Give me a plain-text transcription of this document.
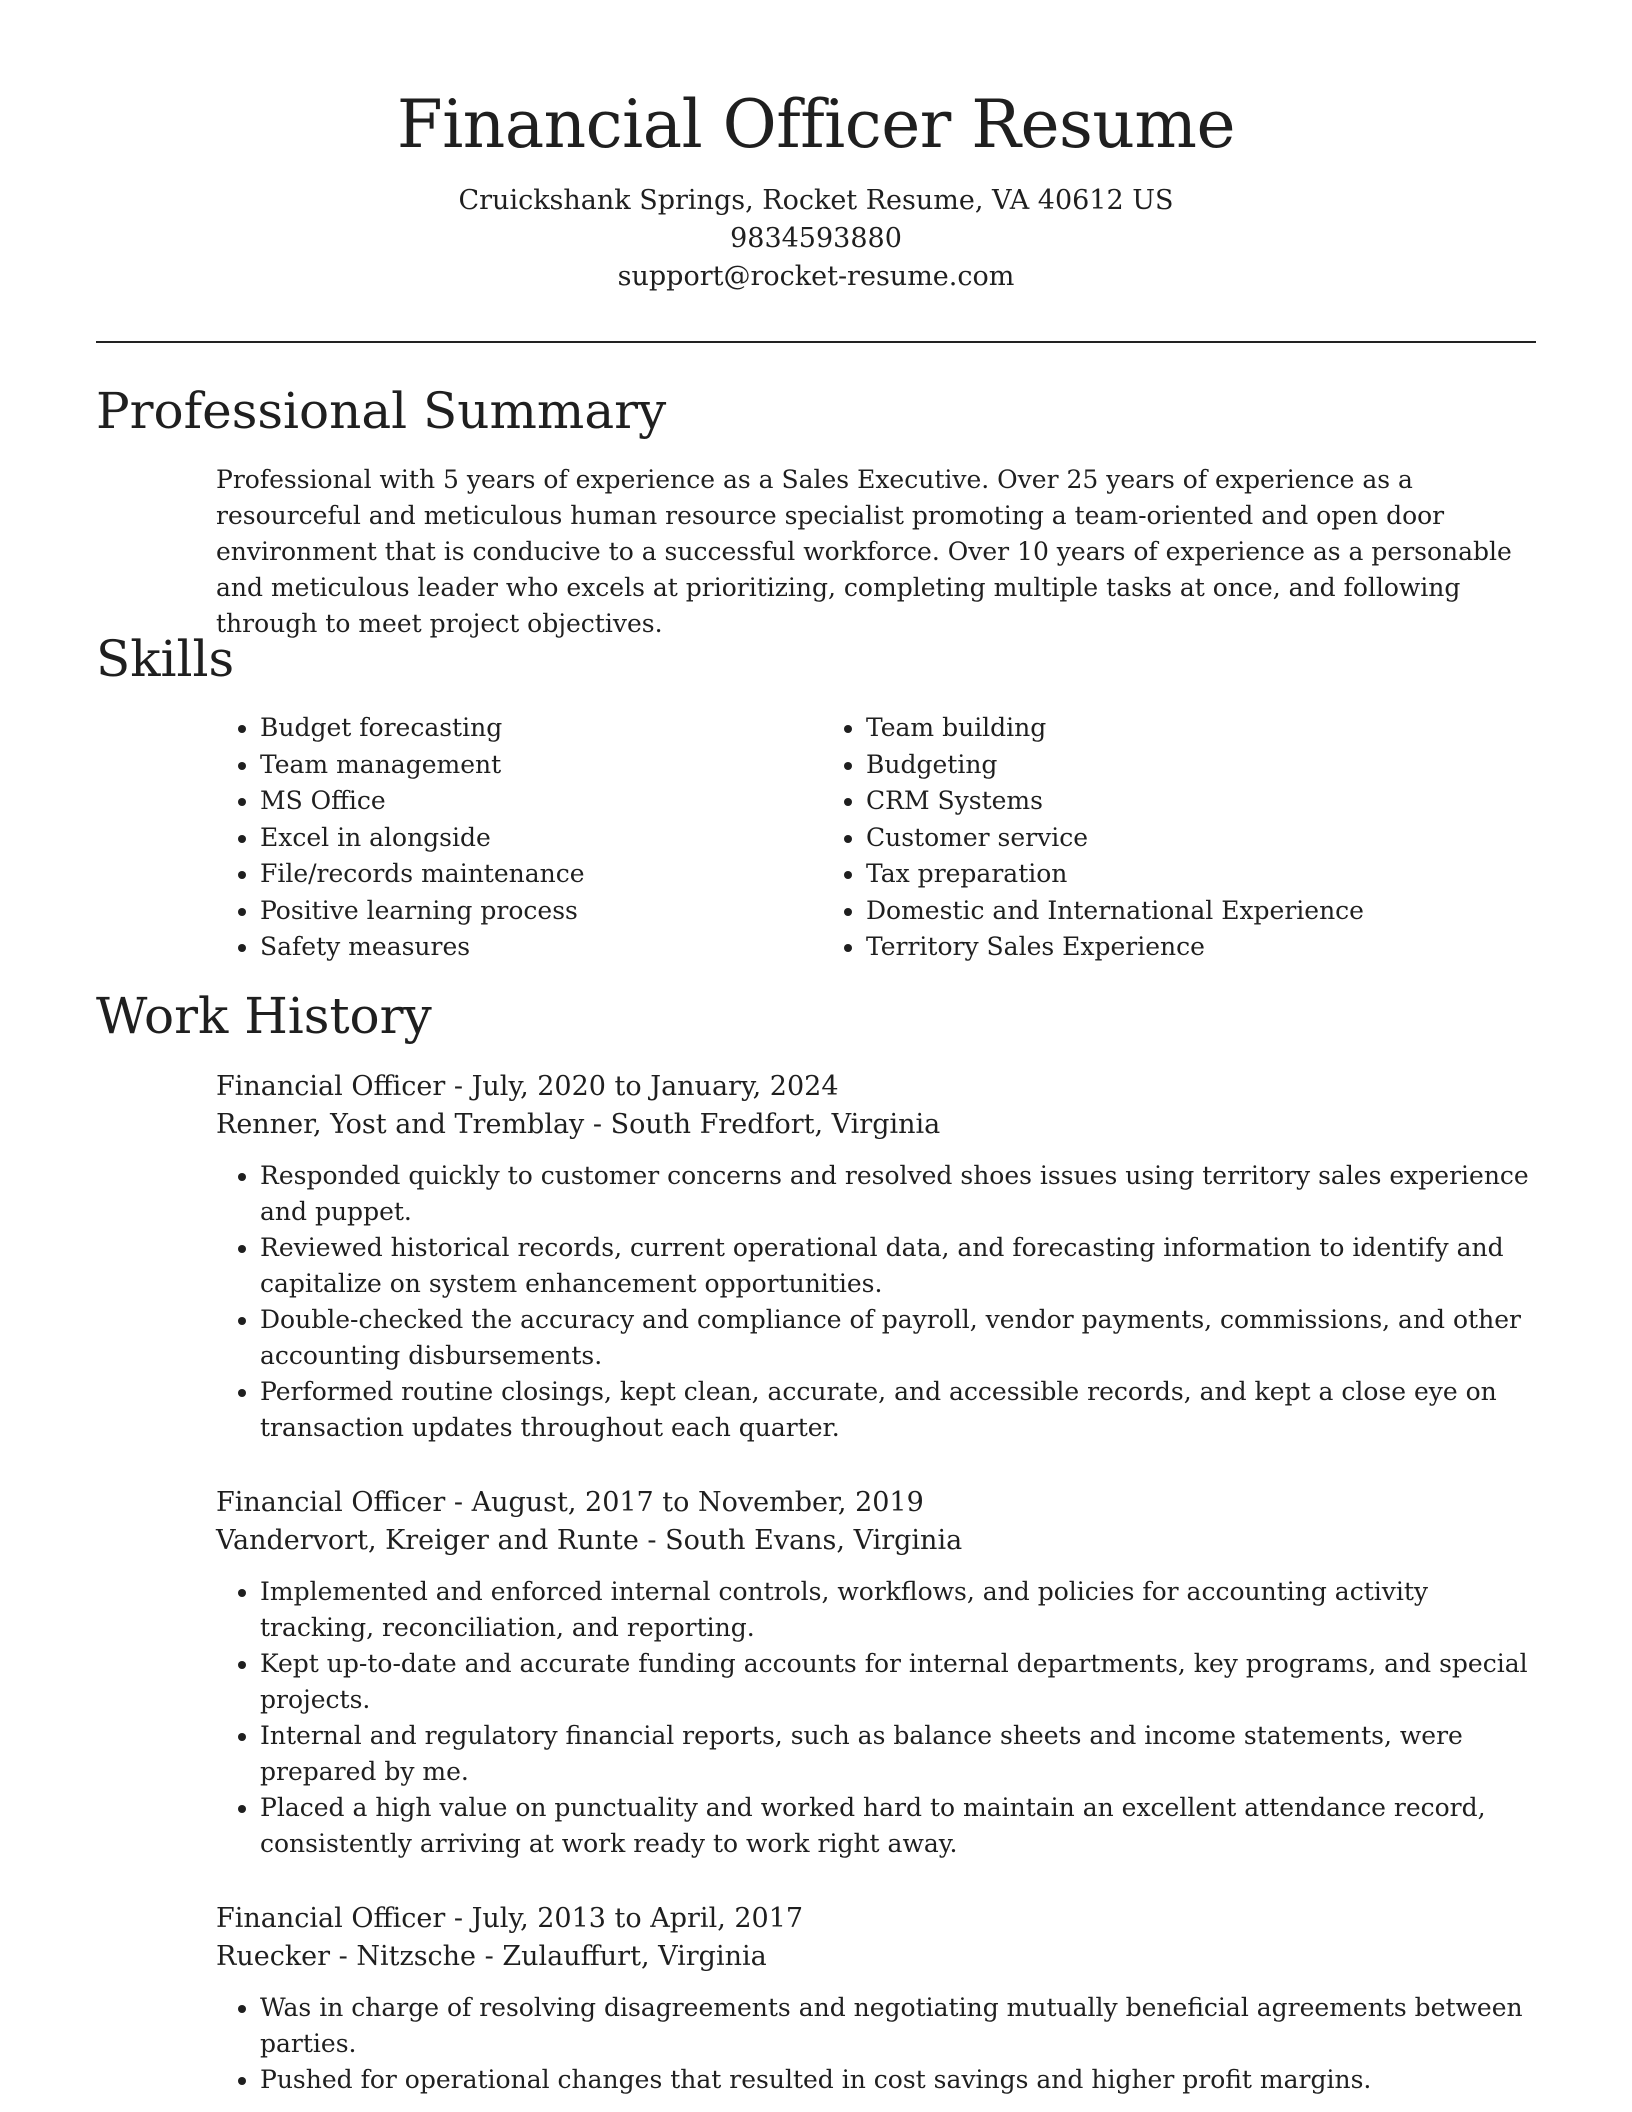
Financial Officer Resume
Cruickshank Springs, Rocket Resume, VA 40612 US
9834593880
support@rocket-resume.com
Professional Summary
Professional with 5 years of experience as a Sales Executive. Over 25 years of experience as a resourceful and meticulous human resource specialist promoting a team-oriented and open door environment that is conducive to a successful workforce. Over 10 years of experience as a personable and meticulous leader who excels at prioritizing, completing multiple tasks at once, and following through to meet project objectives.
Skills
• Budget forecasting
• Team management
• MS Office
• Excel in alongside
• File/records maintenance
• Positive learning process
• Safety measures
• Team building
• Budgeting
• CRM Systems
• Customer service
• Tax preparation
• Domestic and International Experience
• Territory Sales Experience
Work History
Financial Officer - July, 2020 to January, 2024
Renner, Yost and Tremblay - South Fredfort, Virginia
• Responded quickly to customer concerns and resolved shoes issues using territory sales experience and puppet.
• Reviewed historical records, current operational data, and forecasting information to identify and capitalize on system enhancement opportunities.
• Double-checked the accuracy and compliance of payroll, vendor payments, commissions, and other accounting disbursements.
• Performed routine closings, kept clean, accurate, and accessible records, and kept a close eye on transaction updates throughout each quarter.
Financial Officer - August, 2017 to November, 2019
Vandervort, Kreiger and Runte - South Evans, Virginia
• Implemented and enforced internal controls, workflows, and policies for accounting activity tracking, reconciliation, and reporting.
• Kept up-to-date and accurate funding accounts for internal departments, key programs, and special projects.
• Internal and regulatory financial reports, such as balance sheets and income statements, were prepared by me.
• Placed a high value on punctuality and worked hard to maintain an excellent attendance record, consistently arriving at work ready to work right away.
Financial Officer - July, 2013 to April, 2017
Ruecker - Nitzsche - Zulauffurt, Virginia
• Was in charge of resolving disagreements and negotiating mutually beneficial agreements between parties.
• Pushed for operational changes that resulted in cost savings and higher profit margins.
